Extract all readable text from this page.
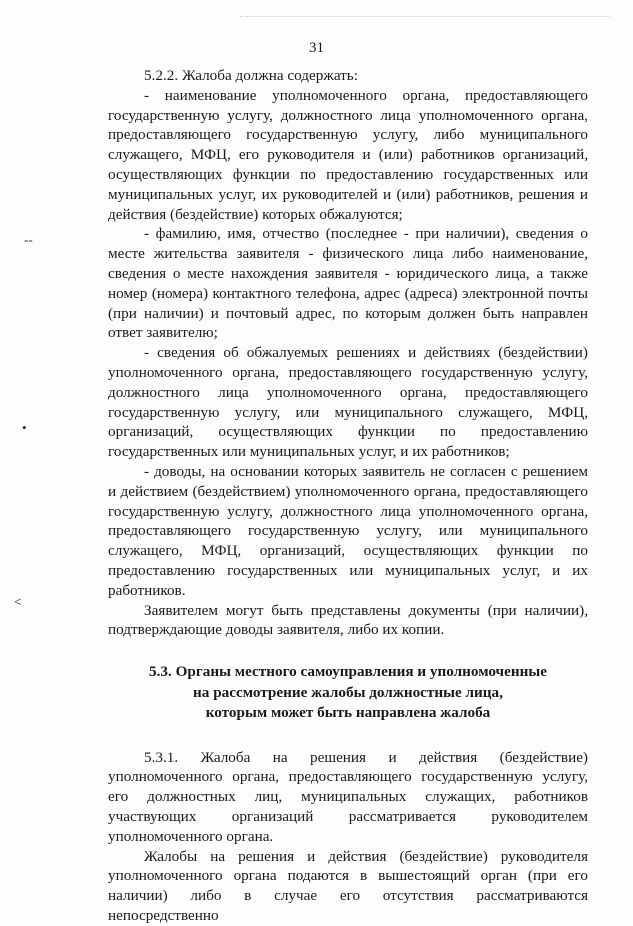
31
‑‑
•
˂

5.2.2. Жалоба должна содержать:

- наименование уполномоченного органа, предоставляющего государственную услугу, должностного лица уполномоченного органа, предоставляющего государственную услугу, либо муниципального служащего, МФЦ, его руководителя и (или) работников организаций, осуществляющих функции по предоставлению государственных или муниципальных услуг, их руководителей и (или) работников, решения и действия (бездействие) которых обжалуются;

- фамилию, имя, отчество (последнее - при наличии), сведения о месте жительства заявителя - физического лица либо наименование, сведения о месте нахождения заявителя - юридического лица, а также номер (номера) контактного телефона, адрес (адреса) электронной почты (при наличии) и почтовый адрес, по которым должен быть направлен ответ заявителю;

- сведения об обжалуемых решениях и действиях (бездействии) уполномоченного органа, предоставляющего государственную услугу, должностного лица уполномоченного органа, предоставляющего государственную услугу, или муниципального служащего, МФЦ, организаций, осуществляющих функции по предоставлению государственных или муниципальных услуг, и их работников;

- доводы, на основании которых заявитель не согласен с решением и действием (бездействием) уполномоченного органа, предоставляющего государственную услугу, должностного лица уполномоченного органа, предоставляющего государственную услугу, или муниципального служащего, МФЦ, организаций, осуществляющих функции по предоставлению государственных или муниципальных услуг, и их работников.

Заявителем могут быть представлены документы (при наличии), подтверждающие доводы заявителя, либо их копии.

5.3. Органы местного самоуправления и уполномоченные
на рассмотрение жалобы должностные лица,
которым может быть направлена жалоба

5.3.1. Жалоба на решения и действия (бездействие) уполномоченного органа, предоставляющего государственную услугу, его должностных лиц, муниципальных служащих, работников участвующих организаций рассматривается руководителем уполномоченного органа.

Жалобы на решения и действия (бездействие) руководителя уполномоченного органа подаются в вышестоящий орган (при его наличии) либо в случае его отсутствия рассматриваются непосредственно
